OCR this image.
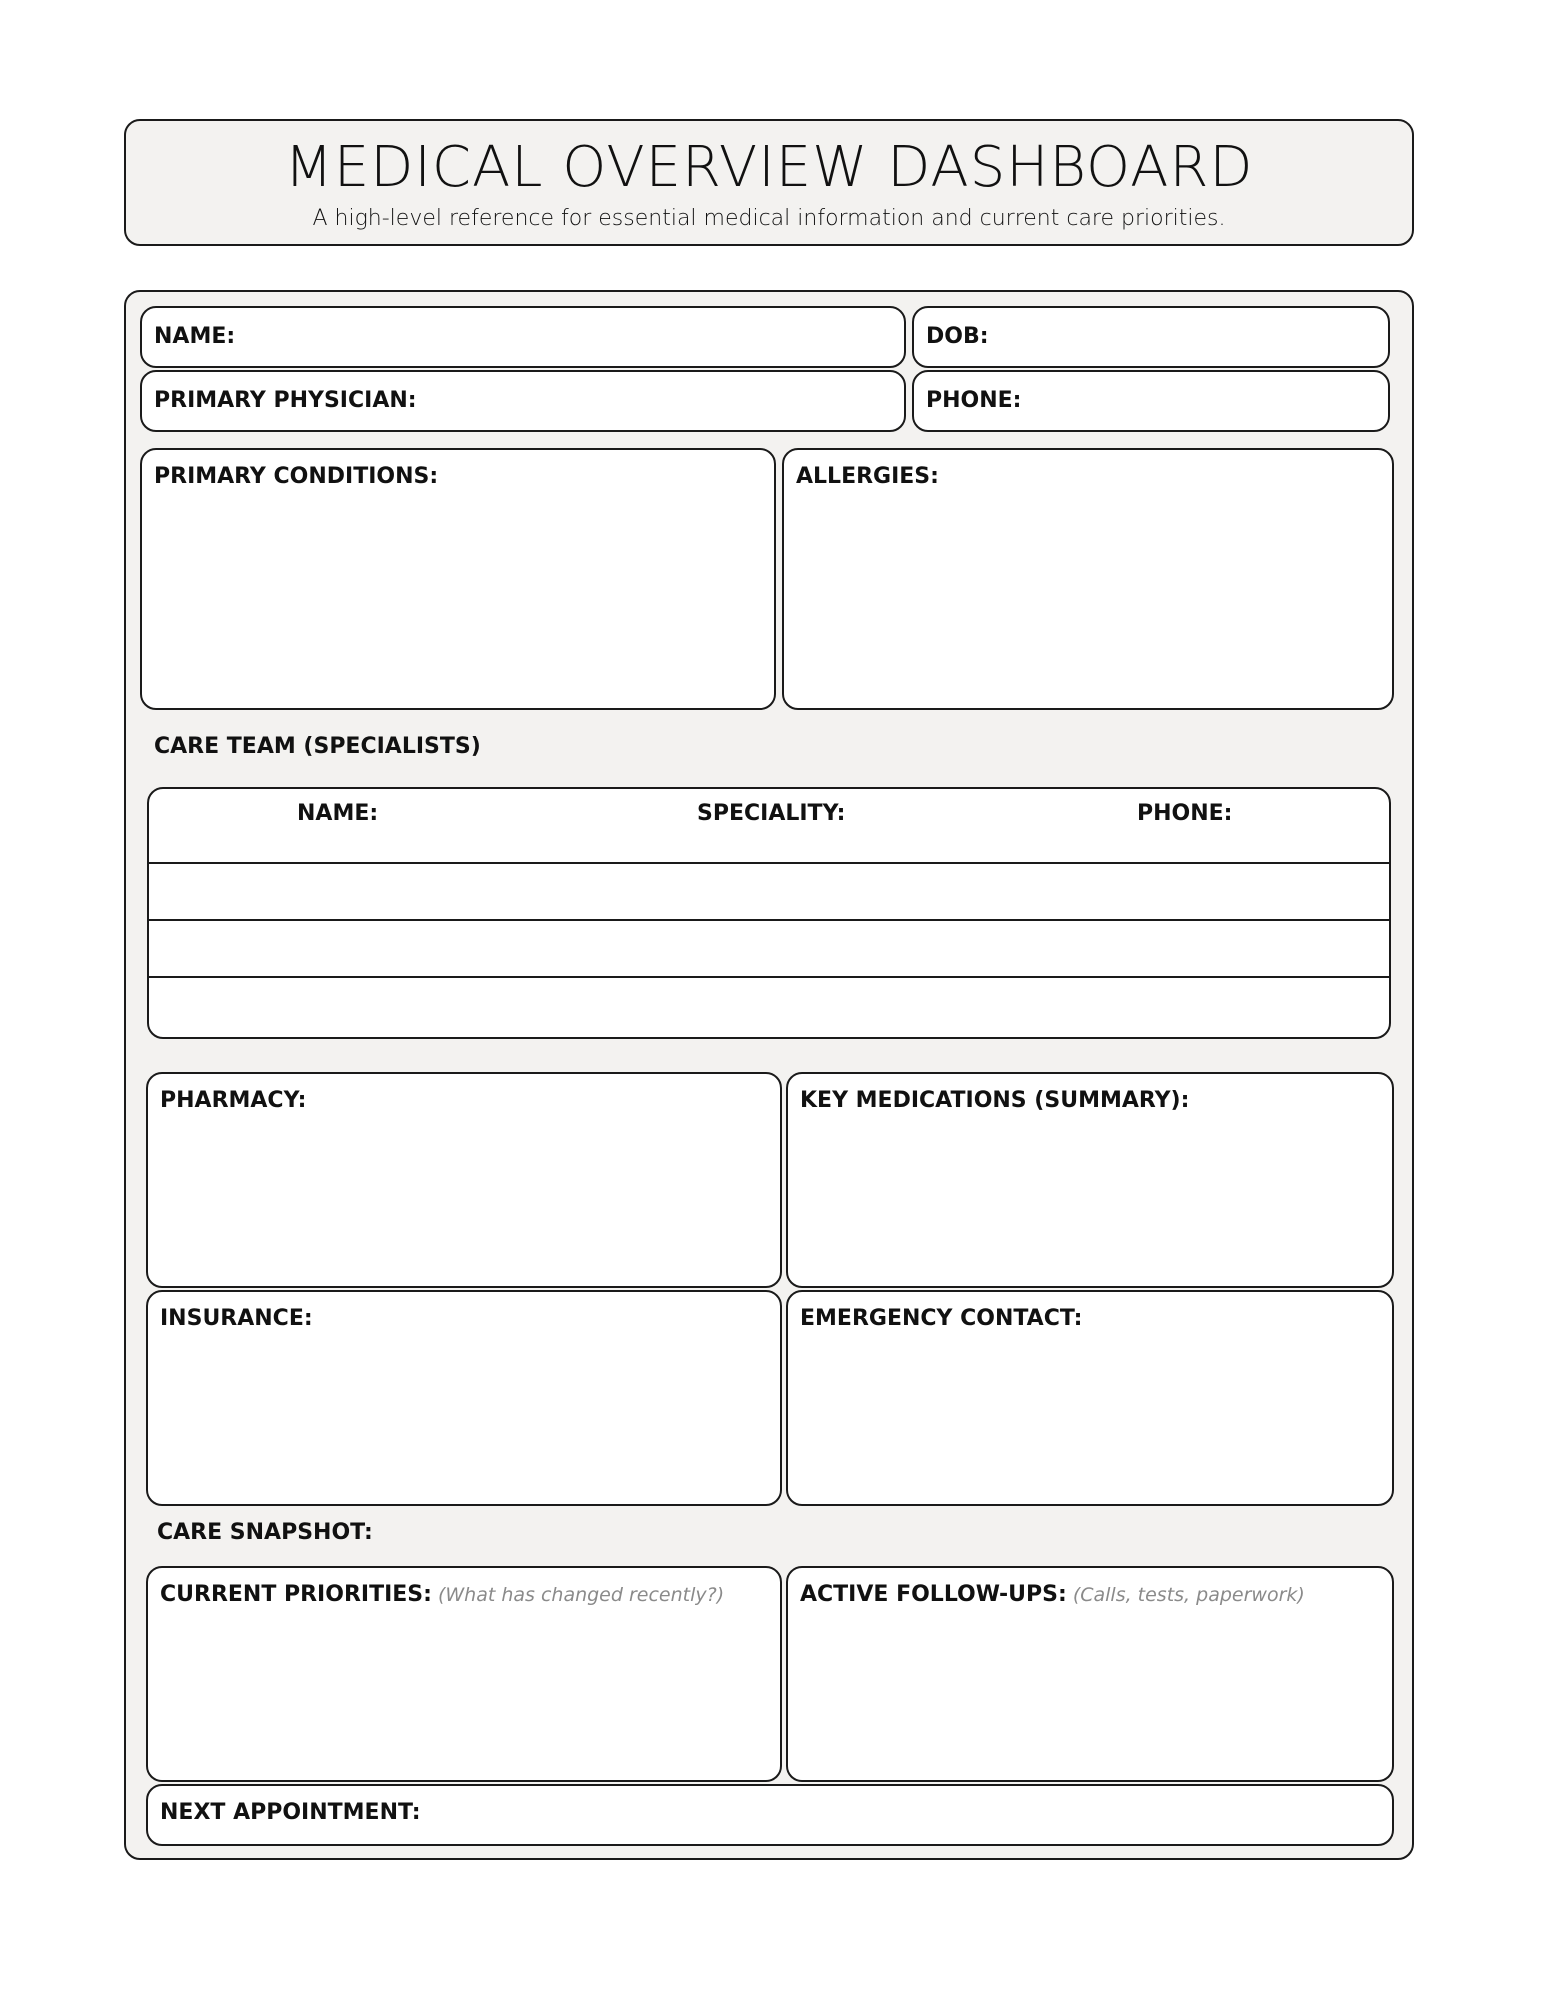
MEDICAL OVERVIEW DASHBOARD
A high-level reference for essential medical information and current care priorities.
NAME:	DOB:
PRIMARY PHYSICIAN:	PHONE:
PRIMARY CONDITIONS:	ALLERGIES:
CARE TEAM (SPECIALISTS)
NAME:	SPECIALITY:	PHONE:
PHARMACY:	KEY MEDICATIONS (SUMMARY):
INSURANCE:	EMERGENCY CONTACT:
CARE SNAPSHOT:
CURRENT PRIORITIES: (What has changed recently?)	ACTIVE FOLLOW-UPS: (Calls, tests, paperwork)
NEXT APPOINTMENT:
